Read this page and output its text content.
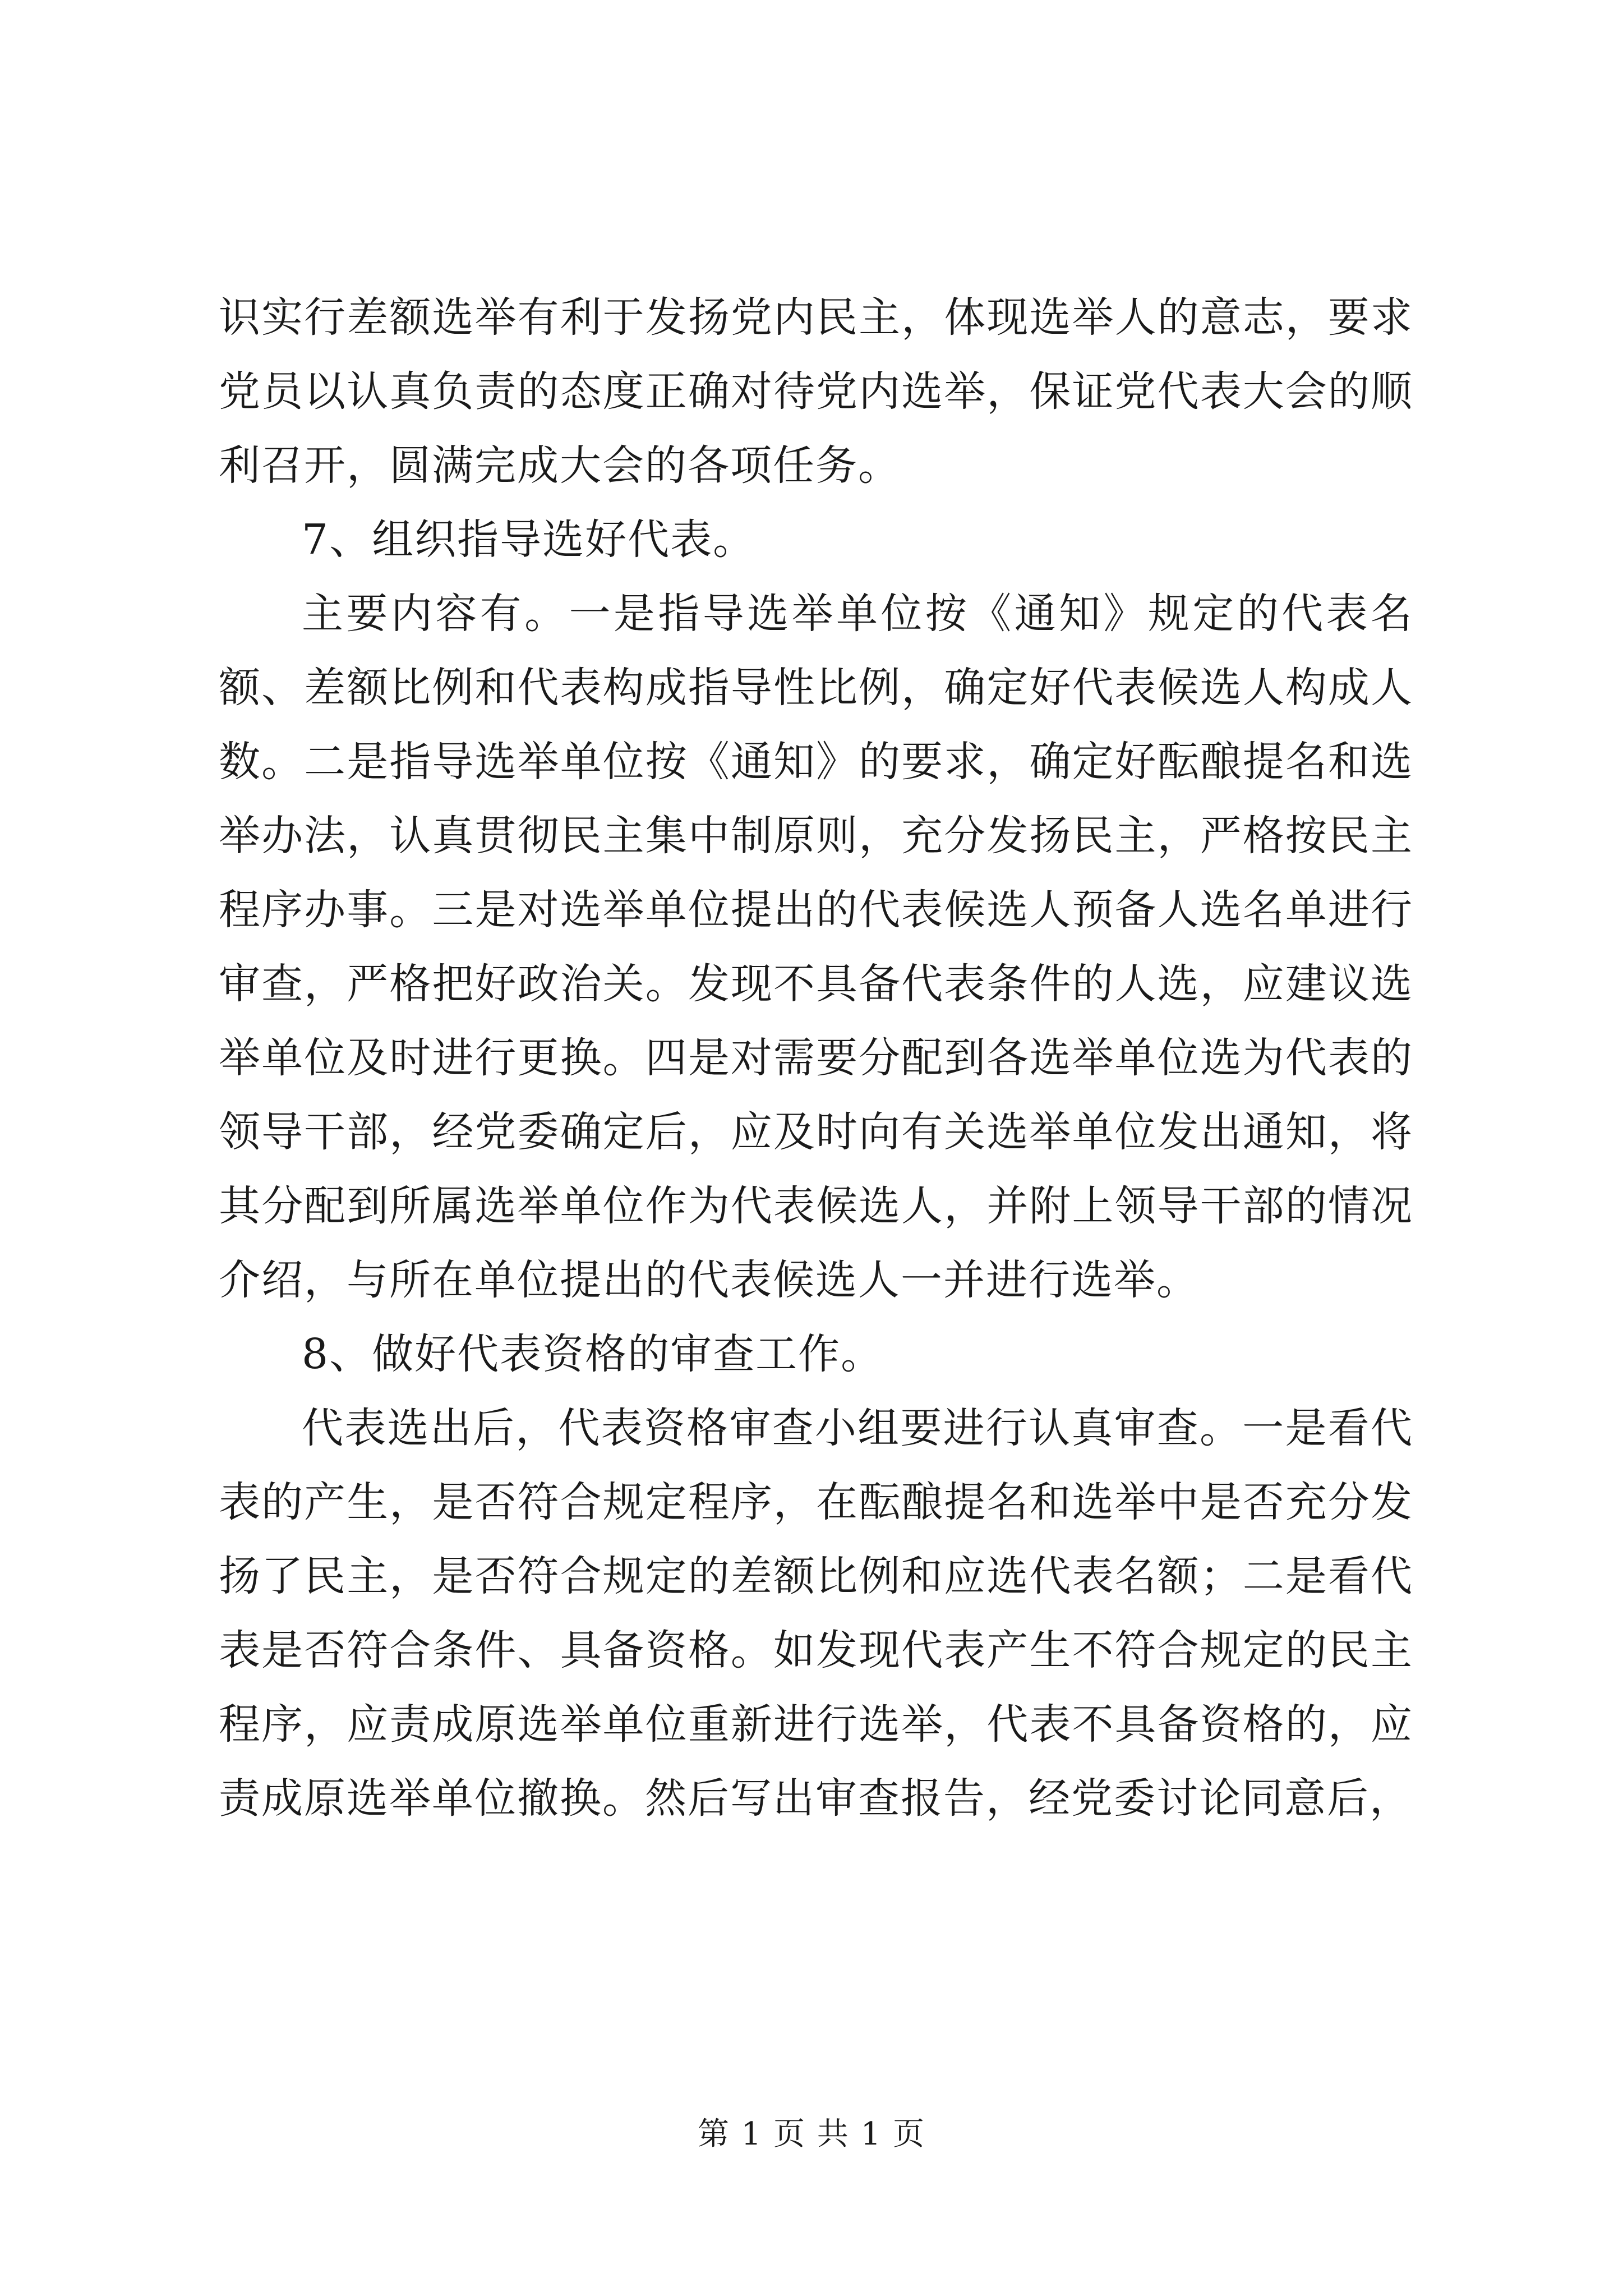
识实行差额选举有利于发扬党内民主，体现选举人的意志，要求党员以认真负责的态度正确对待党内选举，保证党代表大会的顺利召开，圆满完成大会的各项任务。

7、组织指导选好代表。

主要内容有。一是指导选举单位按《通知》规定的代表名额、差额比例和代表构成指导性比例，确定好代表候选人构成人数。二是指导选举单位按《通知》的要求，确定好酝酿提名和选举办法，认真贯彻民主集中制原则，充分发扬民主，严格按民主程序办事。三是对选举单位提出的代表候选人预备人选名单进行审查，严格把好政治关。发现不具备代表条件的人选，应建议选举单位及时进行更换。四是对需要分配到各选举单位选为代表的领导干部，经党委确定后，应及时向有关选举单位发出通知，将其分配到所属选举单位作为代表候选人，并附上领导干部的情况介绍，与所在单位提出的代表候选人一并进行选举。

8、做好代表资格的审查工作。

代表选出后，代表资格审查小组要进行认真审查。一是看代表的产生，是否符合规定程序，在酝酿提名和选举中是否充分发扬了民主，是否符合规定的差额比例和应选代表名额；二是看代表是否符合条件、具备资格。如发现代表产生不符合规定的民主程序，应责成原选举单位重新进行选举，代表不具备资格的，应责成原选举单位撤换。然后写出审查报告，经党委讨论同意后，

第 1 页 共 1 页
